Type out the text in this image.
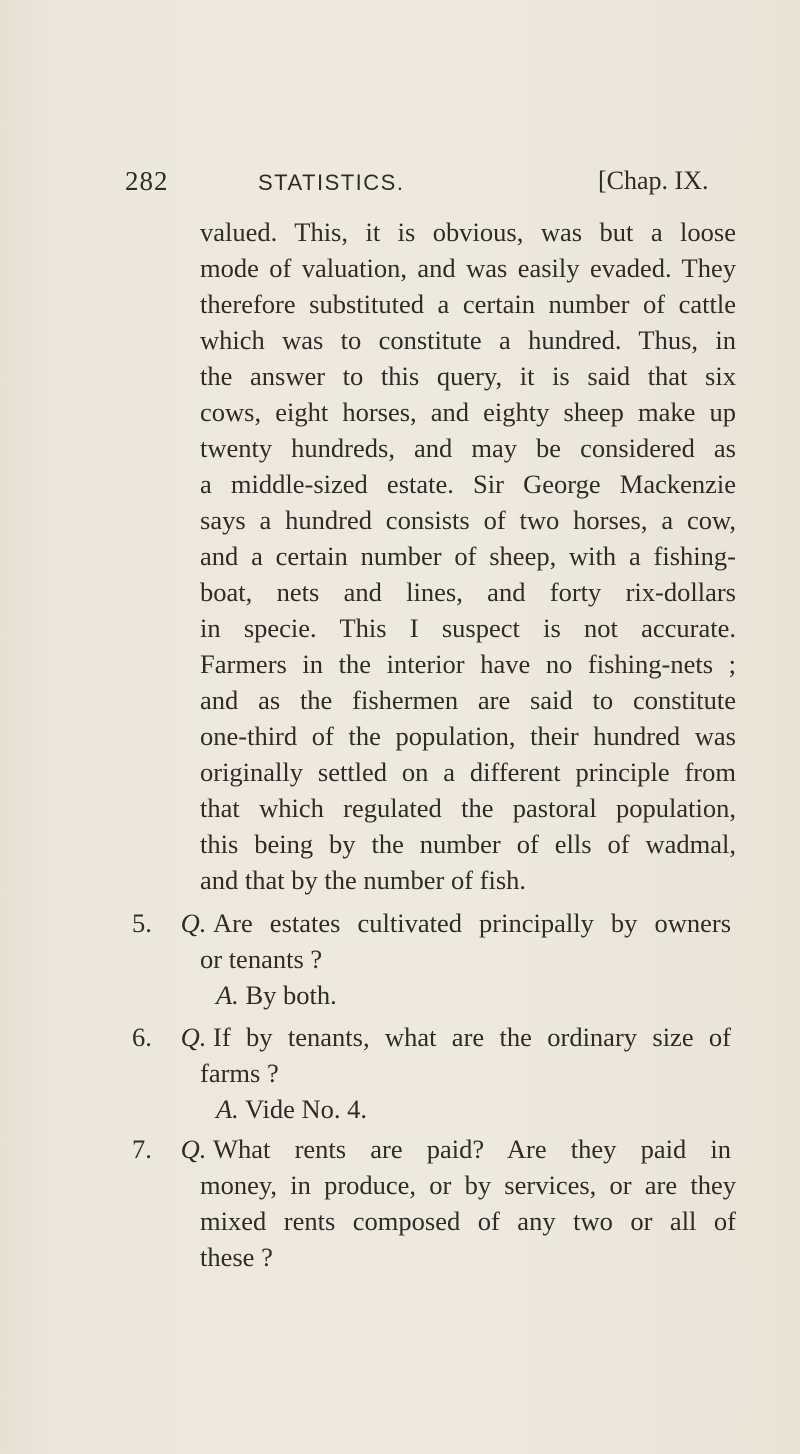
282	STATISTICS.	[Chap. IX.
valued. This, it is obvious, was but a loose
mode of valuation, and was easily evaded. They
therefore substituted a certain number of cattle
which was to constitute a hundred. Thus, in
the answer to this query, it is said that six
cows, eight horses, and eighty sheep make up
twenty hundreds, and may be considered as
a middle-sized estate. Sir George Mackenzie
says a hundred consists of two horses, a cow,
and a certain number of sheep, with a fishing-
boat, nets and lines, and forty rix-dollars
in specie. This I suspect is not accurate.
Farmers in the interior have no fishing-nets ;
and as the fishermen are said to constitute
one-third of the population, their hundred was
originally settled on a different principle from
that which regulated the pastoral population,
this being by the number of ells of wadmal,
and that by the number of fish.
5. Q. Are estates cultivated principally by owners
or tenants ?
A. By both.
6. Q. If by tenants, what are the ordinary size of
farms ?
A. Vide No. 4.
7. Q. What rents are paid? Are they paid in
money, in produce, or by services, or are they
mixed rents composed of any two or all of
these ?
